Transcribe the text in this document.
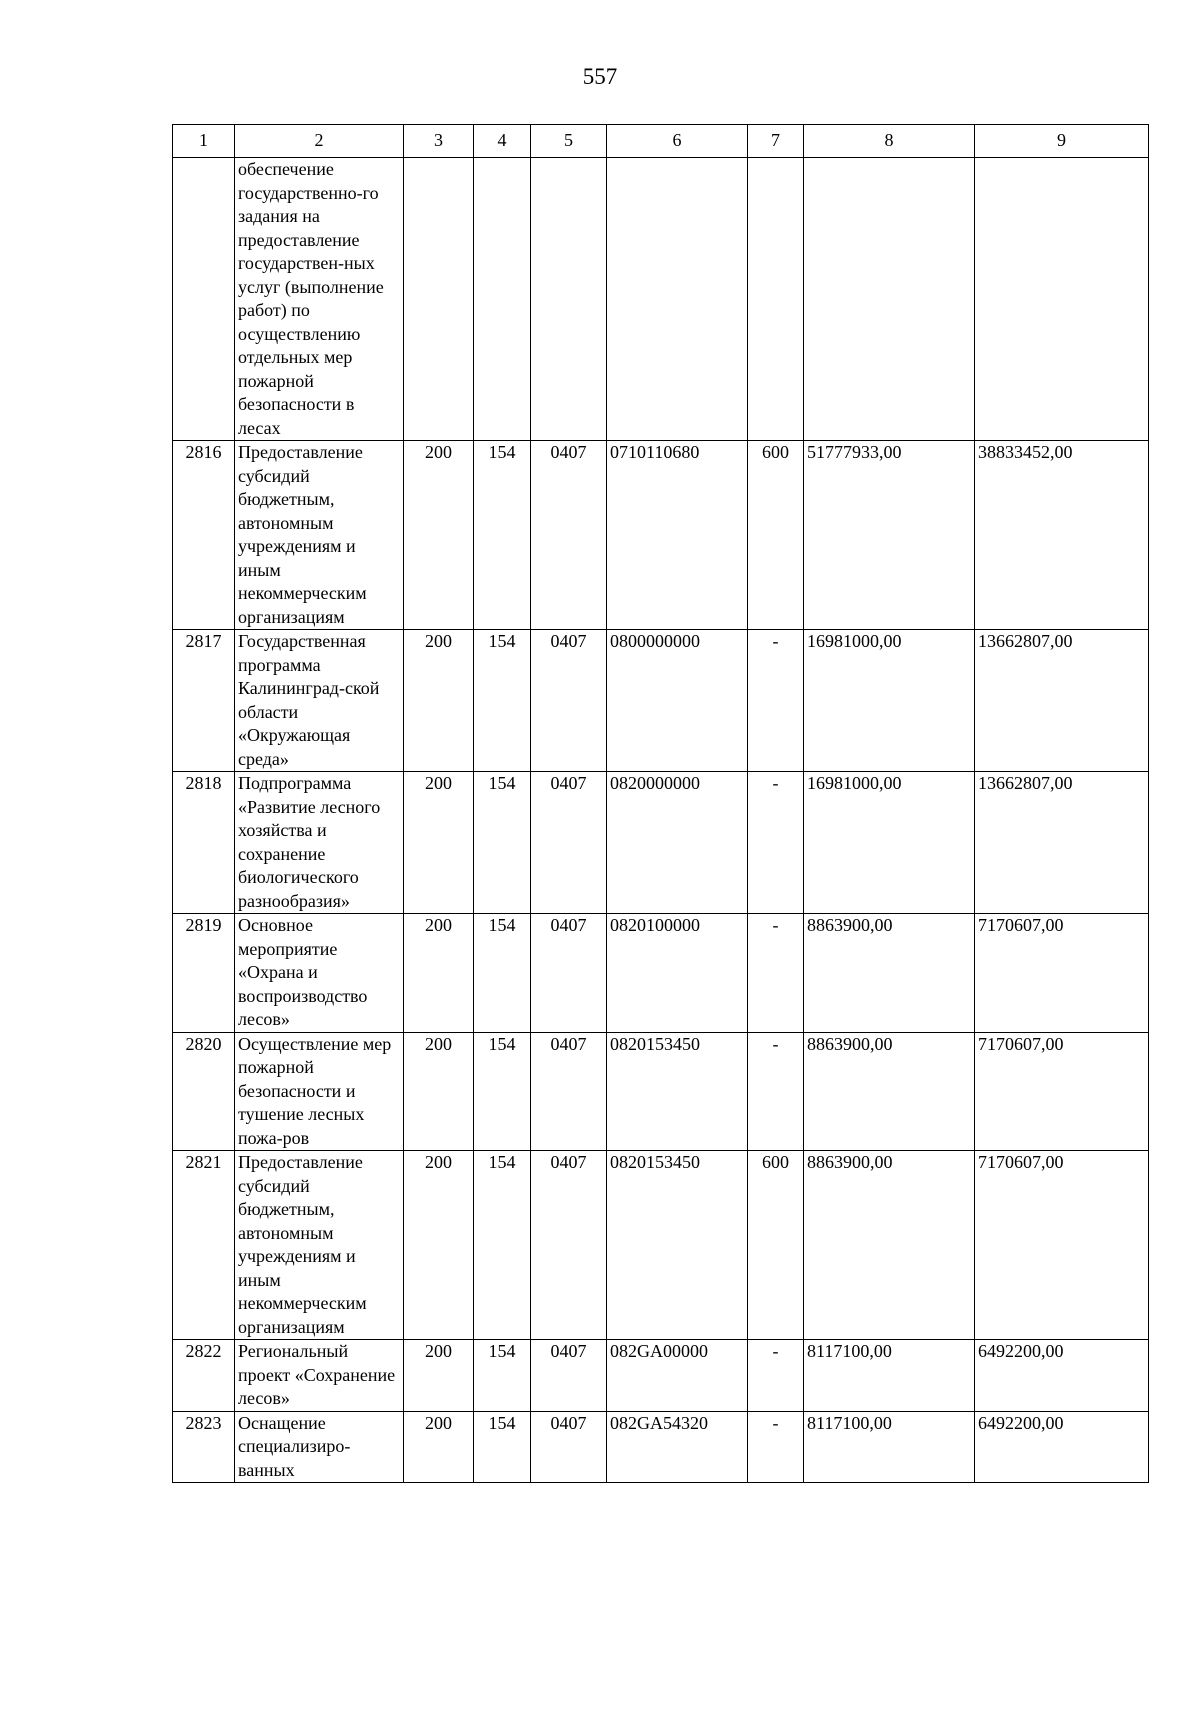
557
1	2	3	4	5	6	7	8	9
	обеспечение государственно-го задания на предоставление государствен-ных услуг (выполнение работ) по осуществлению отдельных мер пожарной безопасности в лесах							
2816	Предоставление субсидий бюджетным, автономным учреждениям и иным некоммерческим организациям	200	154	0407	0710110680	600	51777933,00	38833452,00
2817	Государственная программа Калининград-ской области «Окружающая среда»	200	154	0407	0800000000	-	16981000,00	13662807,00
2818	Подпрограмма «Развитие лесного хозяйства и сохранение биологического разнообразия»	200	154	0407	0820000000	-	16981000,00	13662807,00
2819	Основное мероприятие «Охрана и воспроизводство лесов»	200	154	0407	0820100000	-	8863900,00	7170607,00
2820	Осуществление мер пожарной безопасности и тушение лесных пожа-ров	200	154	0407	0820153450	-	8863900,00	7170607,00
2821	Предоставление субсидий бюджетным, автономным учреждениям и иным некоммерческим организациям	200	154	0407	0820153450	600	8863900,00	7170607,00
2822	Региональный проект «Сохранение лесов»	200	154	0407	082GA00000	-	8117100,00	6492200,00
2823	Оснащение специализиро-ванных	200	154	0407	082GA54320	-	8117100,00	6492200,00
